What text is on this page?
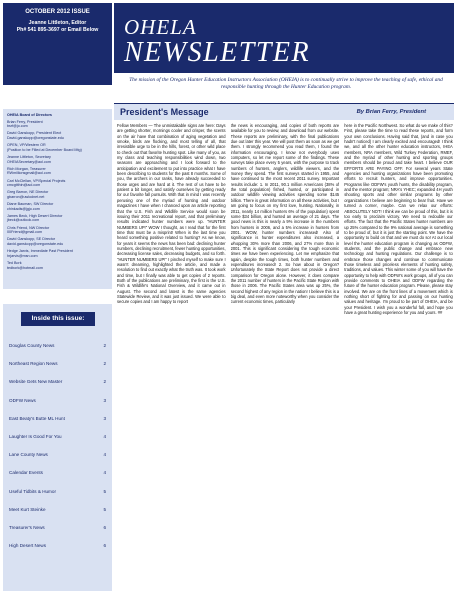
OCTOBER 2012 ISSUE
Jeanne Littleton, Editor
Ph# 541 895-3697 or Email Below
OHEIA Board of Directors
Brian Ferry, President
bsrf@jo.com
David Ganskopp, President Elect
David.ganskopp@oregonstate.edu
OPEN, VP/Western OR
(Position to be Filled at December Board Mtg)
Jeanne Littleton, Secretary
OHEIASecretary@aol.com
Rich Morgan, Treasurer
RWmillionsgmail@aol.com
Carl McClellan, VP/Special Projects
cmcgtithin@aol.com
Greg Barron, NE Director
gbarron@uwlodnet.net
Diane Bauman, SW Director
chinkadis@jgjo.com
James Beck, High Desert Director
jbeck@outlook.com
Chris Friend, NW Director
00Friend@gmail.com
David Ganskopp, SE Director
david.ganskopp@oregonstate.edu
Hedge Jarvis, Immediate Past President
hrjarvis@msn.com
Ted Bork
tedbork@hotmail.com
Inside this issue:
Douglas County News	2
Northeast Region News	2
Website Gets New Master	2
ODFW News	3
East Beaty's Butte ML Hunt	3
Laughter Is Good For You	4
Lane County News	4
Calendar Events	4
Useful Tidbits & Humor	5
Meet Kurt Steinke	5
Treasurer's News	6
High Desert News	6
OHELA
NEWSLETTER
The mission of the Oregon Hunter Education Instructors Association (OHEIA) is to continually strive to improve the teaching of safe, ethical and responsible hunting through the Hunter Education program.
President's Message	By Brian Ferry, President

Fellow Members — The unmistakable signs are here: Days are getting shorter, mornings cooler and crisper, the scents on the air have that combination of aging vegetation and smoke, birds are flocking, and most telling of all, that irresistible urge to be in the hills, forest, or other wild place to check out that favorite hunting spot. Like many of you, as my class and teaching responsibilities wind down, two seasons are approaching and I look forward to the anticipation and excitement to put into practice what I have been describing to students for the past 8 months. Some of you, the archers in our ranks, have already succeeded to those urges and are hard at it. The rest of us have to be patient a bit longer, and satisfy ourselves by getting ready for our favorite fall pursuits. With that in mind I was recently perusing one of the myriad of hunting and outdoor magazines I have when I chanced upon an article reporting that the U.S. Fish and Wildlife Service would soon be issuing their 2011 recreational report, and that preliminary results indicated hunter numbers were up. "HUNTER NUMBERS UP!" WOW I thought, as I read that for the first time that must be a misprint! When is the last time you heard something positive related to hunting? As we know, for years it seems the news has been bad: declining hunter numbers, declining recruitment, fewer hunting opportunities, decreasing license sales, decreasing budgets, and so forth. "HUNTER NUMBERS UP!" I pinched myself to make sure I wasn't dreaming, highlighted the article, and made a resolution to find out exactly what the truth was. It took work and time, but I finally was able to get copies of 2 reports. Both of the publications are preliminary, the first is the U.S. Fish & Wildlife's National Overview, and it came out in August. The second and latest is the same agencies Statewide Review, and it was just issued. We were able to secure copies and I am happy to report

the news is encouraging, and copies of both reports are available for you to review, and download from our website. These reports are preliminary, with the final publications due out later this year. We will post them as soon as we get them. I strongly recommend you read them, I found the information encouraging. I know not everybody uses computers, so let me report some of the findings. These surveys take place every 5 years, with the purpose to track numbers of hunters, anglers, wildlife viewers, and the money they spend. The first surveys started in 1955, and have continued to the most recent 2011 survey. Important results include: 1. In 2011, 90.1 million Americans (38% of the total population) fished, hunted, or participated in outdoor wildlife viewing activities spending some $145 billion. There is great information on all these activities, but I am going to focus on my first love, hunting. Nationally, in 2011, nearly 14 million hunters 6% of the population) spent some $34 billion, and hunted an average of 21 days. The good news is this is nearly a 9% increase in the numbers from hunters in 2006, and a 5% increase in hunters from 2001. WOW, hunter numbers increased! Also of significance is hunter expenditures also increased, a whopping 30% more than 2006, and 27% more than in 2001. This is significant considering the tough economic times we have been experiencing. Let me emphasize that again, despite the tough times, both hunter numbers and expenditures increased! 2. So how about in Oregon? Unfortunately the State Report does not provide a direct comparison for Oregon alone. However, it does compare the 2011 number of hunters in the Pacific State Region with those in 2006. The Pacific States area was up 25%, the second highest of any region in the nation! I believe this is a big deal, and even more noteworthy when you consider the current economic times, particularly

here in the Pacific Northwest. So what do we make of this? First, please take the time to read these reports, and form your own conclusions. Having said that, (and in case you hadn't noticed) I am clearly excited and encouraged! I think we, and all the other hunter education instructors, IHEA members, NRA members, Wild Turkey Federation, RMEF, and the myriad of other hunting and sporting groups members should be proud and take heart. I believe OUR EFFORTS ARE PAYING OFF. For several years State Agencies and hunting organizations have been promoting efforts to recruit hunters, and improve opportunities. Programs like ODFW's youth hunts, the disability program, and the mentor program; NRA's YHEC; expanded 4H youth shooting sports and other similar programs by other organizations I believe are beginning to bear fruit. Have we turned a corner, maybe. Can we relax our efforts: ABSOLUTELY NOT! I think we can be proud of this, but it is too early to proclaim victory. We need to redouble our efforts. The fact that the Pacific States hunter numbers are up 25% compared to the 9% national average is something to be proud of, but it is just the starting point. We have the opportunity to build on that and we must do so! At our local level the hunter education program is changing as ODFW, students, and the public change and embrace new technology and hunting regulations. Our challenge is to embrace those changes and continue to communicate those timeless and priceless elements of hunting safety, traditions, and values. This winter some of you will have the opportunity to help with ODFW's work groups, all of you can provide comments to OHEIA and ODFW regarding the future of the hunter education program. Please, please stay involved. We are on the front lines of a movement which is nothing short of fighting for and passing on our hunting values and heritage. I'm proud to be part of OHEIA, and be your President. I wish you a wonderful fall, and hope you have a great hunting experience for you and yours. ##
